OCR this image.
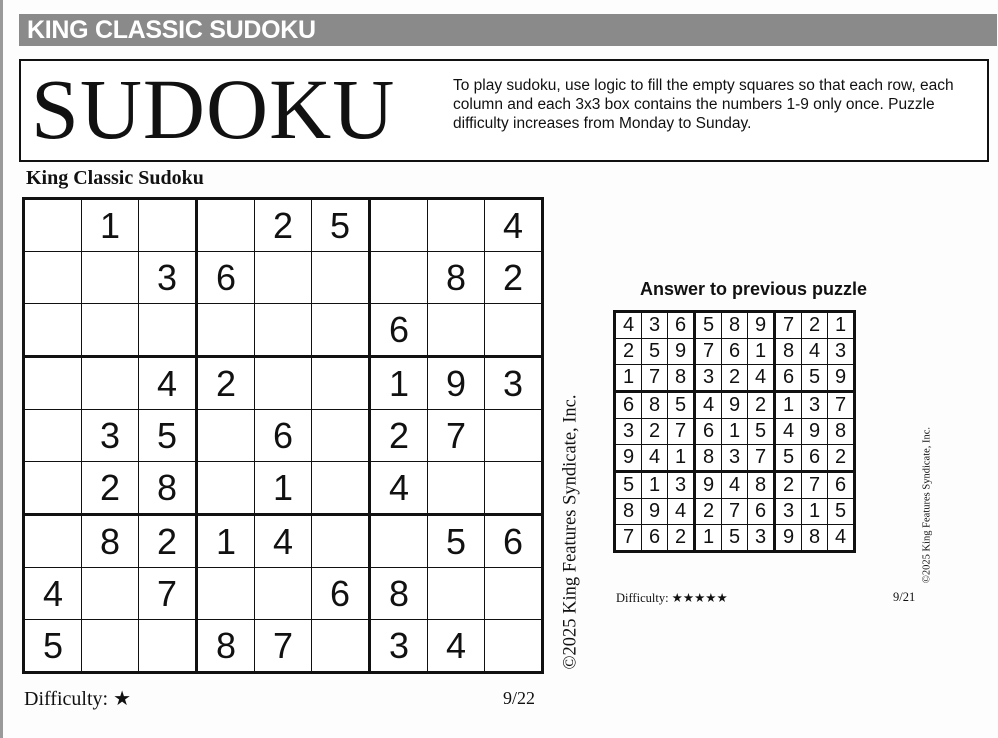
KING CLASSIC SUDOKU
SUDOKU	To play sudoku, use logic to fill the empty squares so that each row, each column and each 3x3 box contains the numbers 1-9 only once. Puzzle difficulty increases from Monday to Sunday.
King Classic Sudoku
	1			2	5			4
		3	6				8	2
						6		
		4	2			1	9	3
	3	5		6		2	7	
	2	8		1		4		
	8	2	1	4			5	6
4		7			6	8		
5			8	7		3	4		©2025 King Features Syndicate, Inc.
Difficulty: ★	9/22
Answer to previous puzzle
4	3	6	5	8	9	7	2	1
2	5	9	7	6	1	8	4	3
1	7	8	3	2	4	6	5	9
6	8	5	4	9	2	1	3	7
3	2	7	6	1	5	4	9	8
9	4	1	8	3	7	5	6	2
5	1	3	9	4	8	2	7	6
8	9	4	2	7	6	3	1	5
7	6	2	1	5	3	9	8	4	©2025 King Features Syndicate, Inc.
Difficulty: ★★★★★	9/21
